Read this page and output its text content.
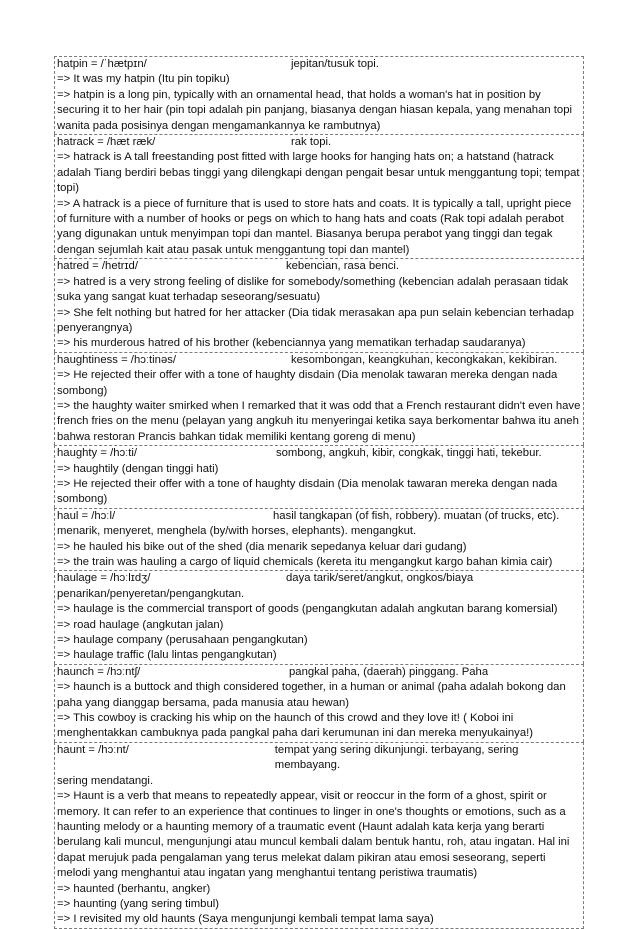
hatpin = /ˈhætpɪn/	jepitan/tusuk topi.
=> It was my hatpin (Itu pin topiku)
=> hatpin is a long pin, typically with an ornamental head, that holds a woman's hat in position by securing it to her hair (pin topi adalah pin panjang, biasanya dengan hiasan kepala, yang menahan topi wanita pada posisinya dengan mengamankannya ke rambutnya)
hatrack = /hæt ræk/	rak topi.
=> hatrack is A tall freestanding post fitted with large hooks for hanging hats on; a hatstand (hatrack adalah Tiang berdiri bebas tinggi yang dilengkapi dengan pengait besar untuk menggantung topi; tempat topi)
=> A hatrack is a piece of furniture that is used to store hats and coats. It is typically a tall, upright piece of furniture with a number of hooks or pegs on which to hang hats and coats (Rak topi adalah perabot yang digunakan untuk menyimpan topi dan mantel. Biasanya berupa perabot yang tinggi dan tegak dengan sejumlah kait atau pasak untuk menggantung topi dan mantel)
hatred = /hetrɪd/	kebencian, rasa benci.
=> hatred is a very strong feeling of dislike for somebody/something (kebencian adalah perasaan tidak suka yang sangat kuat terhadap seseorang/sesuatu)
=> She felt nothing but hatred for her attacker (Dia tidak merasakan apa pun selain kebencian terhadap penyerangnya)
=> his murderous hatred of his brother (kebenciannya yang mematikan terhadap saudaranya)
haughtiness = /hɔːtinəs/	kesombongan, keangkuhan, kecongkakan, kekibiran.
=> He rejected their offer with a tone of haughty disdain (Dia menolak tawaran mereka dengan nada sombong)
=> the haughty waiter smirked when I remarked that it was odd that a French restaurant didn't even have french fries on the menu (pelayan yang angkuh itu menyeringai ketika saya berkomentar bahwa itu aneh bahwa restoran Prancis bahkan tidak memiliki kentang goreng di menu)
haughty = /hɔːti/	sombong, angkuh, kibir, congkak, tinggi hati, tekebur.
=> haughtily (dengan tinggi hati)
=> He rejected their offer with a tone of haughty disdain (Dia menolak tawaran mereka dengan nada sombong)
haul = /hɔːl/	hasil tangkapan (of fish, robbery). muatan (of trucks, etc).
menarik, menyeret, menghela (by/with horses, elephants). mengangkut.
=> he hauled his bike out of the shed (dia menarik sepedanya keluar dari gudang)
=> the train was hauling a cargo of liquid chemicals (kereta itu mengangkut kargo bahan kimia cair)
haulage = /hɔːlɪdʒ/	daya tarik/seret/angkut, ongkos/biaya
penarikan/penyeretan/pengangkutan.
=> haulage is the commercial transport of goods (pengangkutan adalah angkutan barang komersial)
=> road haulage (angkutan jalan)
=> haulage company (perusahaan pengangkutan)
=> haulage traffic (lalu lintas pengangkutan)
haunch = /hɔːntʃ/	pangkal paha, (daerah) pinggang. Paha
=> haunch is a buttock and thigh considered together, in a human or animal (paha adalah bokong dan paha yang dianggap bersama, pada manusia atau hewan)
=> This cowboy is cracking his whip on the haunch of this crowd and they love it! ( Koboi ini menghentakkan cambuknya pada pangkal paha dari kerumunan ini dan mereka menyukainya!)
haunt = /hɔːnt/	tempat yang sering dikunjungi. terbayang, sering membayang.
sering mendatangi.
=> Haunt is a verb that means to repeatedly appear, visit or reoccur in the form of a ghost, spirit or memory. It can refer to an experience that continues to linger in one's thoughts or emotions, such as a haunting melody or a haunting memory of a traumatic event (Haunt adalah kata kerja yang berarti berulang kali muncul, mengunjungi atau muncul kembali dalam bentuk hantu, roh, atau ingatan. Hal ini dapat merujuk pada pengalaman yang terus melekat dalam pikiran atau emosi seseorang, seperti melodi yang menghantui atau ingatan yang menghantui tentang peristiwa traumatis)
=> haunted (berhantu, angker)
=> haunting (yang sering timbul)
=> I revisited my old haunts (Saya mengunjungi kembali tempat lama saya)
